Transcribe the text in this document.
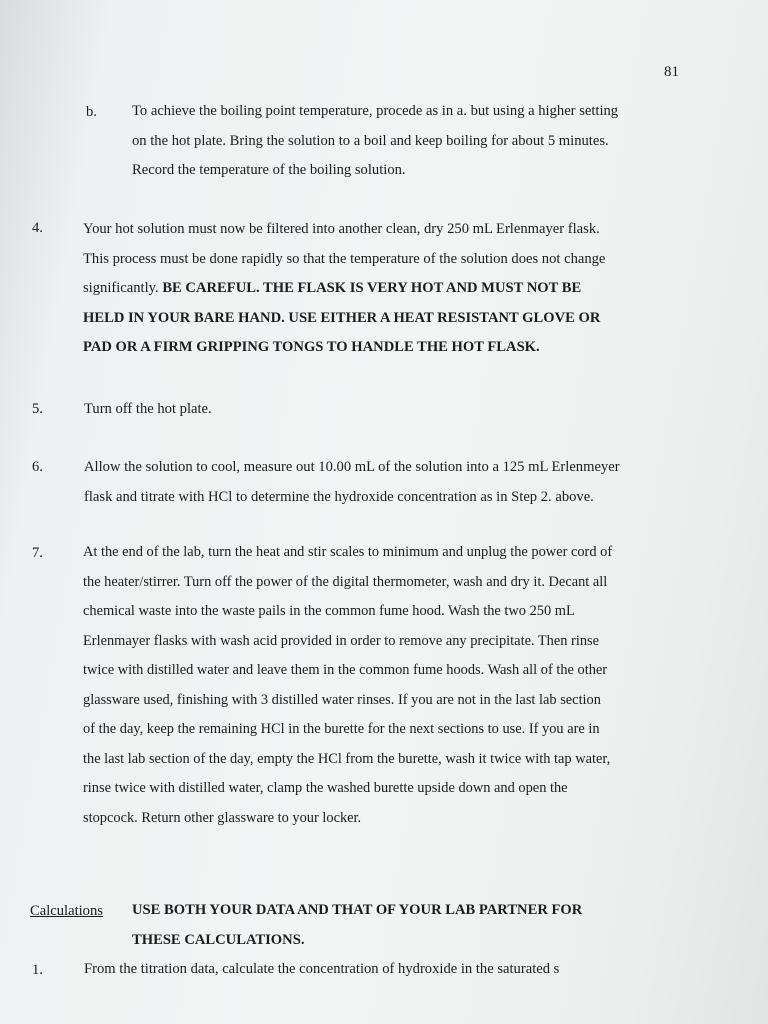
81
b. To achieve the boiling point temperature, procede as in a. but using a higher setting
on the hot plate. Bring the solution to a boil and keep boiling for about 5 minutes.
Record the temperature of the boiling solution.
4.	Your hot solution must now be filtered into another clean, dry 250 mL Erlenmayer flask.
This process must be done rapidly so that the temperature of the solution does not change
significantly. BE CAREFUL. THE FLASK IS VERY HOT AND MUST NOT BE
HELD IN YOUR BARE HAND. USE EITHER A HEAT RESISTANT GLOVE OR
PAD OR A FIRM GRIPPING TONGS TO HANDLE THE HOT FLASK.
5.	Turn off the hot plate.
6.	Allow the solution to cool, measure out 10.00 mL of the solution into a 125 mL Erlenmeyer
flask and titrate with HCl to determine the hydroxide concentration as in Step 2. above.
7.	At the end of the lab, turn the heat and stir scales to minimum and unplug the power cord of
the heater/stirrer. Turn off the power of the digital thermometer, wash and dry it. Decant all
chemical waste into the waste pails in the common fume hood. Wash the two 250 mL
Erlenmayer flasks with wash acid provided in order to remove any precipitate. Then rinse
twice with distilled water and leave them in the common fume hoods. Wash all of the other
glassware used, finishing with 3 distilled water rinses. If you are not in the last lab section
of the day, keep the remaining HCl in the burette for the next sections to use. If you are in
the last lab section of the day, empty the HCl from the burette, wash it twice with tap water,
rinse twice with distilled water, clamp the washed burette upside down and open the
stopcock. Return other glassware to your locker.
Calculations USE BOTH YOUR DATA AND THAT OF YOUR LAB PARTNER FOR
THESE CALCULATIONS.
1.	From the titration data, calculate the concentration of hydroxide in the saturated s
